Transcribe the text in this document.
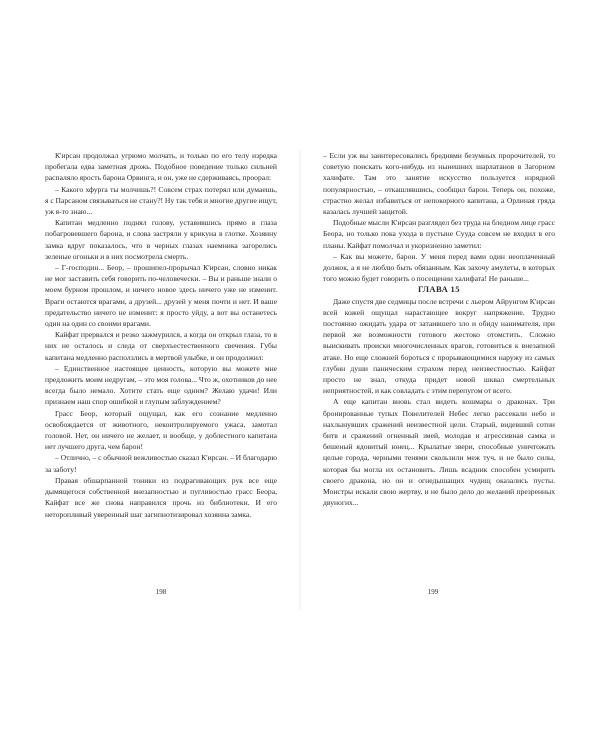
К'ирсан продолжал угрюмо молчать, и только по его телу изредка пробегала едва заметная дрожь. Подобное поведение только сильней распаляло ярость барона Орвинга, и он, уже не сдерживаясь, проорал:

– Какого хфурга ты молчишь?! Совсем страх потерял или думаешь, я с Парсаном связываться не стану?! Ну так тебя и многие другие ищут, уж я-то знаю...

Капитан медленно поднял голову, уставившись прямо в глаза побагровевшего барона, и слова застряли у крикуна в глотке. Хозяину замка вдруг показалось, что в черных глазах наемника загорелись зеленые огоньки и в них посмотрела смерть.

– Г-господин... Беор, – прошипел-прорычал К'ирсан, словно никак не мог заставить себя говорить по-человечески. – Вы и раньше знали о моем бурном прошлом, и ничего новое здесь ничего уже не изменит. Враги остаются врагами, а друзей... друзей у меня почти и нет. И ваше предательство ничего не изменит: я просто уйду, а вот вы останетесь один на один со своими врагами.

Кайфат прервался и резко зажмурился, а когда он открыл глаза, то в них не осталось и следа от сверхъестественного свечения. Губы капитана медленно расползлись в мертвой улыбке, и он продолжил:

– Единственное настоящее ценность, которую вы можете мне предложить моим недругам, – это моя голова... Что ж, охотников до нее всегда было немало. Хотите стать еще одним? Желаю удачи! Или признаем наш спор ошибкой и глупым заблуждением?

Грасс Беор, который ощущал, как его сознание медленно освобождается от животного, неконтролируемого ужаса, замотал головой. Нет, он ничего не желает, и вообще, у доблестного капитана нет лучшего друга, чем барон!

– Отлично, – с обычной вежливостью сказал К'ирсан. – И благодарю за заботу!

Правая обшарпанной тоники из подрагивающих рук все еще дымящегося собственной внезапностью и пугливостью грасс Беора, Кайфат все же снова направился прочь из библиотеки. И его неторопливый уверенный шаг загипнотизировал хозяина замка.

198

– Если уж вы заинтересовались бреднями безумных пророчителей, то советую поискать кого-нибудь из нынешних шарлатанов в Загорном халифате. Там это занятие искусство пользуется изрядной популярностью, – откашлявшись, сообщил барон. Теперь он, похоже, страстно желал избавиться от непокорного капитана, а Орлиная гряда казалась лучшей защитой.

Подобные мысли К'ирсан разглядел без труда на бледном лице грасс Беора, но только пока ухода в пустыне Сууда совсем не входил в его планы. Кайфат помолчал и укоризненно заметил:

– Как вы можете, барон. У меня перед вами один неоплаченный должок, а я не люблю быть обязанным. Как захочу амулеты, в которых того можно будет говорить о посещении халифата! Не раньше...

ГЛАВА 15

Даже спустя две седмицы после встречи с льером Айрунгом К'ирсан всей кожей ощущал нарастающее вокруг напряжение. Трудно постоянно ожидать удара от затаившего зло и обиду нанимателя, при первой же возможности готового жестоко отомстить. Сложно выискивать происки многочисленных врагов, готовиться к внезапной атаке. Но еще сложней бороться с прорывающимися наружу из самых глубин души паническим страхом перед неизвестностью. Кайфат просто не знал, откуда придет новой шквал смертельных неприятностей, и как совладать с этим перепугом от всего.

А еще капитан вновь стал видеть кошмары о драконах. Три бронированные тупых Повелителей Небес легко рассекали небо и нахлынувших сражений неизвестной цели. Старый, видевший сотни битв и сражений огненный змей, молодая и агрессивная самка и бешеный ядовитый юнец... Крылатые звери, способные уничтожать целые города, черными тенями скользили меж туч, и не было силы, которая бы могла их остановить. Лишь всадник способен усмирить своего дракона, но он и огнедышащих чудищ оказались пусты. Монстры искали свою жертву, и не было дело до желаний презренных двуногих...

199
